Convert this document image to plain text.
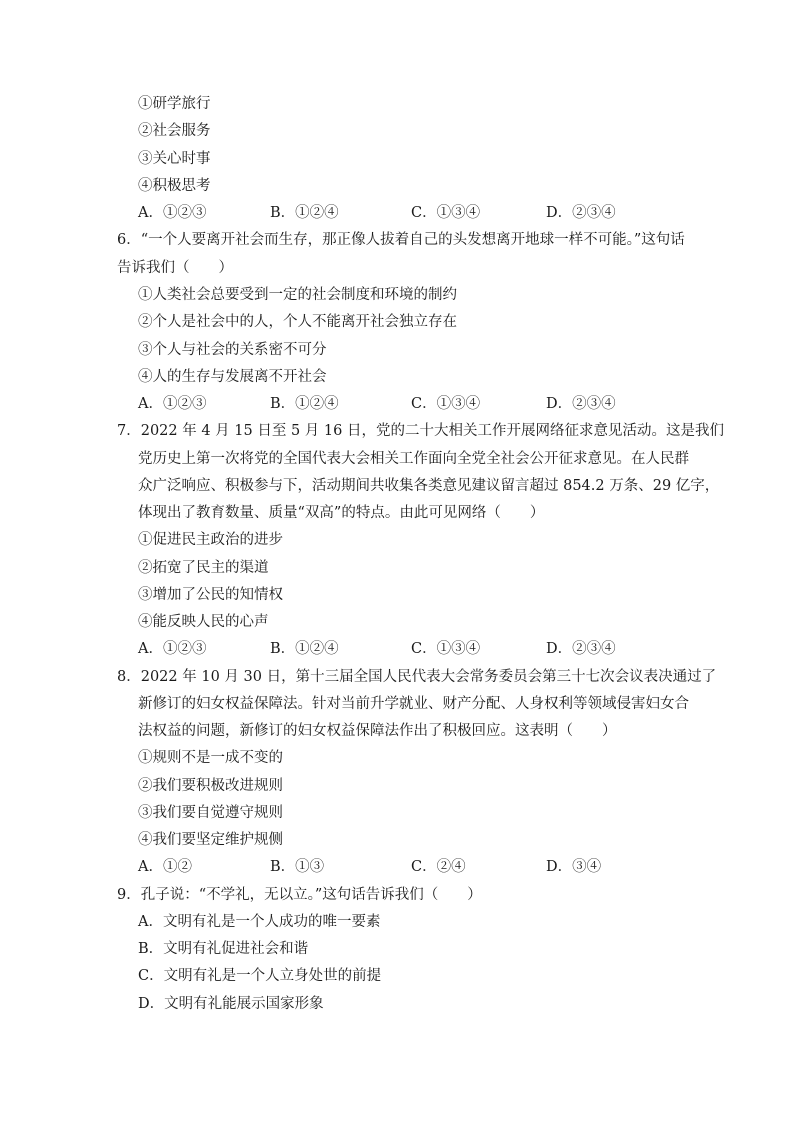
①研学旅行
②社会服务
③关心时事
④积极思考
A．①②③	B．①②④	C．①③④	D．②③④
6．“一个人要离开社会而生存，那正像人拔着自己的头发想离开地球一样不可能。”这句话
告诉我们（　　）
①人类社会总要受到一定的社会制度和环境的制约
②个人是社会中的人，个人不能离开社会独立存在
③个人与社会的关系密不可分
④人的生存与发展离不开社会
A．①②③	B．①②④	C．①③④	D．②③④
7．2022 年 4 月 15 日至 5 月 16 日，党的二十大相关工作开展网络征求意见活动。这是我们
党历史上第一次将党的全国代表大会相关工作面向全党全社会公开征求意见。在人民群
众广泛响应、积极参与下，活动期间共收集各类意见建议留言超过 854.2 万条、29 亿字，
体现出了教育数量、质量“双高”的特点。由此可见网络（　　）
①促进民主政治的进步
②拓宽了民主的渠道
③增加了公民的知情权
④能反映人民的心声
A．①②③	B．①②④	C．①③④	D．②③④
8．2022 年 10 月 30 日，第十三届全国人民代表大会常务委员会第三十七次会议表决通过了
新修订的妇女权益保障法。针对当前升学就业、财产分配、人身权利等领域侵害妇女合
法权益的问题，新修订的妇女权益保障法作出了积极回应。这表明（　　）
①规则不是一成不变的
②我们要积极改进规则
③我们要自觉遵守规则
④我们要坚定维护规侧
A．①②	B．①③	C．②④	D．③④
9．孔子说：“不学礼，无以立。”这句话告诉我们（　　）
A．文明有礼是一个人成功的唯一要素
B．文明有礼促进社会和谐
C．文明有礼是一个人立身处世的前提
D．文明有礼能展示国家形象
